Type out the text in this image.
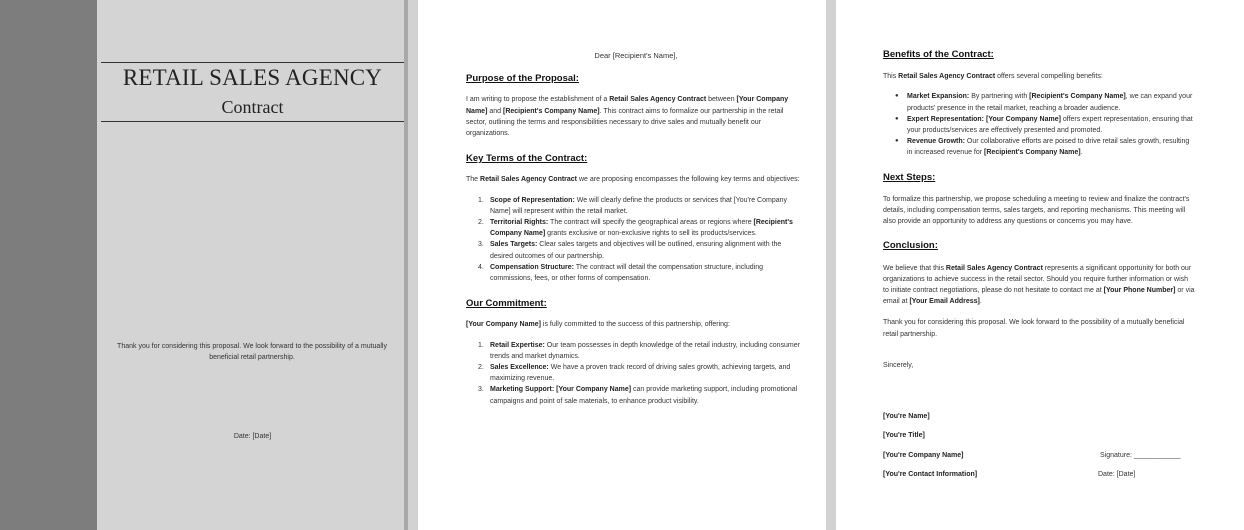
RETAIL SALES AGENCY
Contract
Thank you for considering this proposal. We look forward to the possibility of a mutually beneficial retail partnership.
Date: [Date]
Dear [Recipient's Name],

Purpose of the Proposal:

I am writing to propose the establishment of a Retail Sales Agency Contract between [Your Company Name] and [Recipient's Company Name]. This contract aims to formalize our partnership in the retail sector, outlining the terms and responsibilities necessary to drive sales and mutually benefit our organizations.

Key Terms of the Contract:

The Retail Sales Agency Contract we are proposing encompasses the following key terms and objectives:

1. Scope of Representation: We will clearly define the products or services that [You're Company Name] will represent within the retail market.
2. Territorial Rights: The contract will specify the geographical areas or regions where [Recipient's Company Name] grants exclusive or non-exclusive rights to sell its products/services.
3. Sales Targets: Clear sales targets and objectives will be outlined, ensuring alignment with the desired outcomes of our partnership.
4. Compensation Structure: The contract will detail the compensation structure, including commissions, fees, or other forms of compensation.

Our Commitment:

[Your Company Name] is fully committed to the success of this partnership, offering:

1. Retail Expertise: Our team possesses in depth knowledge of the retail industry, including consumer trends and market dynamics.
2. Sales Excellence: We have a proven track record of driving sales growth, achieving targets, and maximizing revenue.
3. Marketing Support: [Your Company Name] can provide marketing support, including promotional campaigns and point of sale materials, to enhance product visibility.

Benefits of the Contract:

This Retail Sales Agency Contract offers several compelling benefits:

● Market Expansion: By partnering with [Recipient's Company Name], we can expand your products' presence in the retail market, reaching a broader audience.
● Expert Representation: [Your Company Name] offers expert representation, ensuring that your products/services are effectively presented and promoted.
● Revenue Growth: Our collaborative efforts are poised to drive retail sales growth, resulting in increased revenue for [Recipient's Company Name].

Next Steps:

To formalize this partnership, we propose scheduling a meeting to review and finalize the contract's details, including compensation terms, sales targets, and reporting mechanisms. This meeting will also provide an opportunity to address any questions or concerns you may have.

Conclusion:

We believe that this Retail Sales Agency Contract represents a significant opportunity for both our organizations to achieve success in the retail sector. Should you require further information or wish to initiate contract negotiations, please do not hesitate to contact me at [Your Phone Number] or via email at [Your Email Address].

Thank you for considering this proposal. We look forward to the possibility of a mutually beneficial retail partnership.

Sincerely,

[You're Name]
[You're Title]
[You're Company Name]
[You're Contact Information]
Signature: ____________
Date: [Date]
